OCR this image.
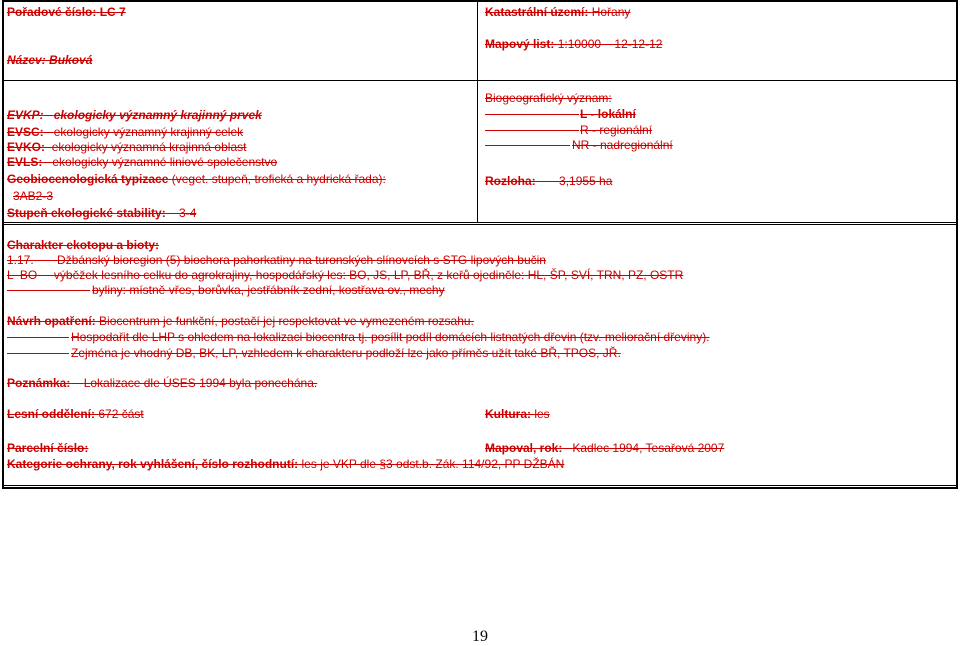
Pořadové číslo: LC 7
Název: Buková
Katastrální území: Hořany
Mapový list: 1:10000    12-12-12
EVKP: ekologicky významný krajinný prvek
EVSC: ekologicky významný krajinný celek
EVKO: ekologicky významná krajinná oblast
EVLS: ekologicky významné liniové společenstvo
Geobiocenologická typizace (veget. stupeň, trofická a hydrická řada):
3AB2-3
Stupeň ekologické stability: 3-4
Biogeografický význam:
L - lokální
R - regionální
NR - nadregionální
Rozloha: 3,1955 ha
Charakter ekotopu a bioty:
1.17. Džbánský bioregion (5) biochora pahorkatiny na turonských slínovcích s STG lipových bučin
L  BO výběžek lesního celku do agrokrajiny, hospodářský les: BO, JS, LP, BŘ, z keřů ojediněle: HL, ŠP, SVÍ, TRN, PZ, OSTR
byliny: místně vřes, borůvka, jestřábník zední, kostřava ov., mechy
Návrh opatření: Biocentrum je funkční, postačí jej respektovat ve vymezeném rozsahu.
Hospodařit dle LHP s ohledem na lokalizaci biocentra tj. posílit podíl domácích listnatých dřevin (tzv. meliorační dřeviny).
Zejména je vhodný DB, BK, LP, vzhledem k charakteru podloží lze jako příměs užít také BŘ, TPOS, JŘ.
Poznámka: Lokalizace dle ÚSES 1994 byla ponechána.
Lesní oddělení: 672 část	Kultura: les
Parcelní číslo:	Mapoval, rok: Kadlec 1994, Tesařová 2007
Kategorie ochrany, rok vyhlášení, číslo rozhodnutí: les je VKP dle §3 odst.b. Zák. 114/92, PP DŽBÁN
19
